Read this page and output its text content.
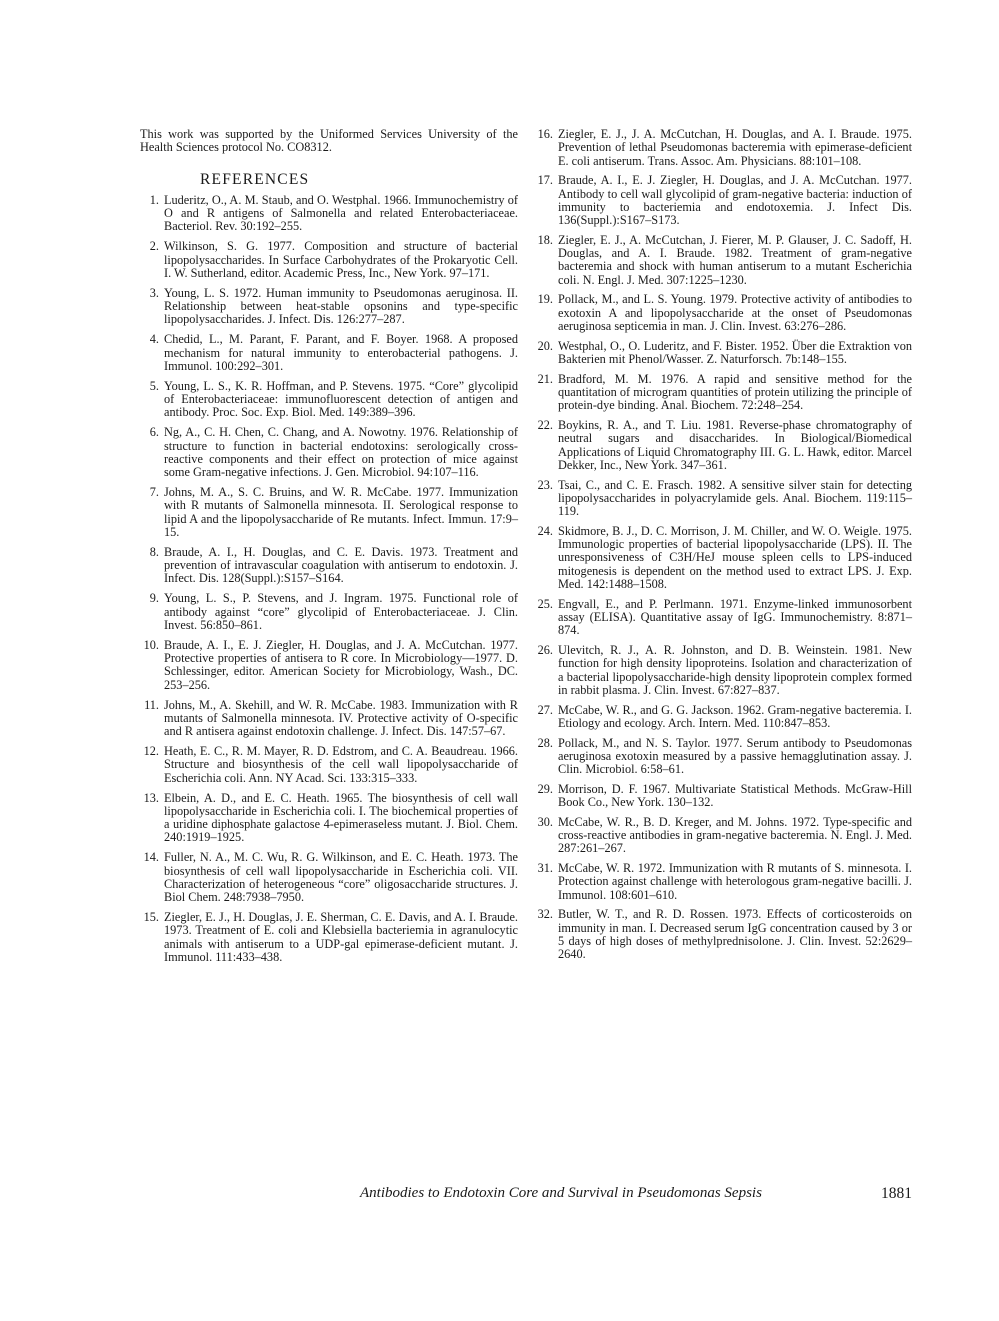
This work was supported by the Uniformed Services University of the Health Sciences protocol No. CO8312.

REFERENCES
1. Luderitz, O., A. M. Staub, and O. Westphal. 1966. Immunochemistry of O and R antigens of Salmonella and related Enterobacteriaceae. Bacteriol. Rev. 30:192–255.
2. Wilkinson, S. G. 1977. Composition and structure of bacterial lipopolysaccharides. In Surface Carbohydrates of the Prokaryotic Cell. I. W. Sutherland, editor. Academic Press, Inc., New York. 97–171.
3. Young, L. S. 1972. Human immunity to Pseudomonas aeruginosa. II. Relationship between heat-stable opsonins and type-specific lipopolysaccharides. J. Infect. Dis. 126:277–287.
4. Chedid, L., M. Parant, F. Parant, and F. Boyer. 1968. A proposed mechanism for natural immunity to enterobacterial pathogens. J. Immunol. 100:292–301.
5. Young, L. S., K. R. Hoffman, and P. Stevens. 1975. “Core” glycolipid of Enterobacteriaceae: immunofluorescent detection of antigen and antibody. Proc. Soc. Exp. Biol. Med. 149:389–396.
6. Ng, A., C. H. Chen, C. Chang, and A. Nowotny. 1976. Relationship of structure to function in bacterial endotoxins: serologically cross-reactive components and their effect on protection of mice against some Gram-negative infections. J. Gen. Microbiol. 94:107–116.
7. Johns, M. A., S. C. Bruins, and W. R. McCabe. 1977. Immunization with R mutants of Salmonella minnesota. II. Serological response to lipid A and the lipopolysaccharide of Re mutants. Infect. Immun. 17:9–15.
8. Braude, A. I., H. Douglas, and C. E. Davis. 1973. Treatment and prevention of intravascular coagulation with antiserum to endotoxin. J. Infect. Dis. 128(Suppl.):S157–S164.
9. Young, L. S., P. Stevens, and J. Ingram. 1975. Functional role of antibody against “core” glycolipid of Enterobacteriaceae. J. Clin. Invest. 56:850–861.
10. Braude, A. I., E. J. Ziegler, H. Douglas, and J. A. McCutchan. 1977. Protective properties of antisera to R core. In Microbiology—1977. D. Schlessinger, editor. American Society for Microbiology, Wash., DC. 253–256.
11. Johns, M., A. Skehill, and W. R. McCabe. 1983. Immunization with R mutants of Salmonella minnesota. IV. Protective activity of O-specific and R antisera against endotoxin challenge. J. Infect. Dis. 147:57–67.
12. Heath, E. C., R. M. Mayer, R. D. Edstrom, and C. A. Beaudreau. 1966. Structure and biosynthesis of the cell wall lipopolysaccharide of Escherichia coli. Ann. NY Acad. Sci. 133:315–333.
13. Elbein, A. D., and E. C. Heath. 1965. The biosynthesis of cell wall lipopolysaccharide in Escherichia coli. I. The biochemical properties of a uridine diphosphate galactose 4-epimeraseless mutant. J. Biol. Chem. 240:1919–1925.
14. Fuller, N. A., M. C. Wu, R. G. Wilkinson, and E. C. Heath. 1973. The biosynthesis of cell wall lipopolysaccharide in Escherichia coli. VII. Characterization of heterogeneous “core” oligosaccharide structures. J. Biol Chem. 248:7938–7950.
15. Ziegler, E. J., H. Douglas, J. E. Sherman, C. E. Davis, and A. I. Braude. 1973. Treatment of E. coli and Klebsiella bacteriemia in agranulocytic animals with antiserum to a UDP-gal epimerase-deficient mutant. J. Immunol. 111:433–438.
16. Ziegler, E. J., J. A. McCutchan, H. Douglas, and A. I. Braude. 1975. Prevention of lethal Pseudomonas bacteremia with epimerase-deficient E. coli antiserum. Trans. Assoc. Am. Physicians. 88:101–108.
17. Braude, A. I., E. J. Ziegler, H. Douglas, and J. A. McCutchan. 1977. Antibody to cell wall glycolipid of gram-negative bacteria: induction of immunity to bacteriemia and endotoxemia. J. Infect Dis. 136(Suppl.):S167–S173.
18. Ziegler, E. J., A. McCutchan, J. Fierer, M. P. Glauser, J. C. Sadoff, H. Douglas, and A. I. Braude. 1982. Treatment of gram-negative bacteremia and shock with human antiserum to a mutant Escherichia coli. N. Engl. J. Med. 307:1225–1230.
19. Pollack, M., and L. S. Young. 1979. Protective activity of antibodies to exotoxin A and lipopolysaccharide at the onset of Pseudomonas aeruginosa septicemia in man. J. Clin. Invest. 63:276–286.
20. Westphal, O., O. Luderitz, and F. Bister. 1952. Über die Extraktion von Bakterien mit Phenol/Wasser. Z. Naturforsch. 7b:148–155.
21. Bradford, M. M. 1976. A rapid and sensitive method for the quantitation of microgram quantities of protein utilizing the principle of protein-dye binding. Anal. Biochem. 72:248–254.
22. Boykins, R. A., and T. Liu. 1981. Reverse-phase chromatography of neutral sugars and disaccharides. In Biological/Biomedical Applications of Liquid Chromatography III. G. L. Hawk, editor. Marcel Dekker, Inc., New York. 347–361.
23. Tsai, C., and C. E. Frasch. 1982. A sensitive silver stain for detecting lipopolysaccharides in polyacrylamide gels. Anal. Biochem. 119:115–119.
24. Skidmore, B. J., D. C. Morrison, J. M. Chiller, and W. O. Weigle. 1975. Immunologic properties of bacterial lipopolysaccharide (LPS). II. The unresponsiveness of C3H/HeJ mouse spleen cells to LPS-induced mitogenesis is dependent on the method used to extract LPS. J. Exp. Med. 142:1488–1508.
25. Engvall, E., and P. Perlmann. 1971. Enzyme-linked immunosorbent assay (ELISA). Quantitative assay of IgG. Immunochemistry. 8:871–874.
26. Ulevitch, R. J., A. R. Johnston, and D. B. Weinstein. 1981. New function for high density lipoproteins. Isolation and characterization of a bacterial lipopolysaccharide-high density lipoprotein complex formed in rabbit plasma. J. Clin. Invest. 67:827–837.
27. McCabe, W. R., and G. G. Jackson. 1962. Gram-negative bacteremia. I. Etiology and ecology. Arch. Intern. Med. 110:847–853.
28. Pollack, M., and N. S. Taylor. 1977. Serum antibody to Pseudomonas aeruginosa exotoxin measured by a passive hemagglutination assay. J. Clin. Microbiol. 6:58–61.
29. Morrison, D. F. 1967. Multivariate Statistical Methods. McGraw-Hill Book Co., New York. 130–132.
30. McCabe, W. R., B. D. Kreger, and M. Johns. 1972. Type-specific and cross-reactive antibodies in gram-negative bacteremia. N. Engl. J. Med. 287:261–267.
31. McCabe, W. R. 1972. Immunization with R mutants of S. minnesota. I. Protection against challenge with heterologous gram-negative bacilli. J. Immunol. 108:601–610.
32. Butler, W. T., and R. D. Rossen. 1973. Effects of corticosteroids on immunity in man. I. Decreased serum IgG concentration caused by 3 or 5 days of high doses of methylprednisolone. J. Clin. Invest. 52:2629–2640.
Antibodies to Endotoxin Core and Survival in Pseudomonas Sepsis	1881
